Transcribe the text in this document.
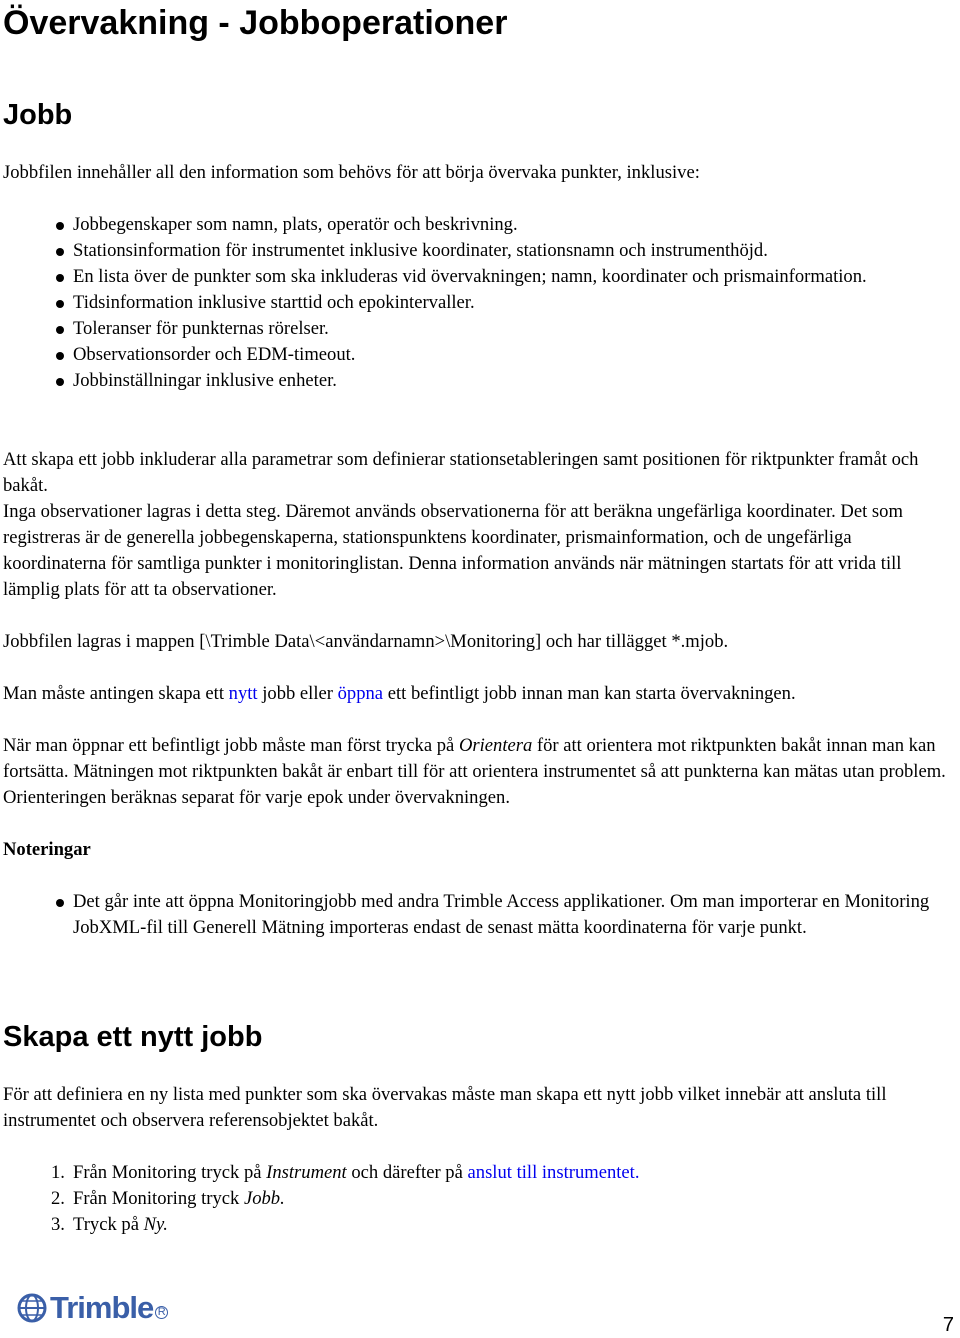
Övervakning - Jobboperationer
Jobb

Jobbfilen innehåller all den information som behövs för att börja övervaka punkter, inklusive:

Jobbegenskaper som namn, plats, operatör och beskrivning.
Stationsinformation för instrumentet inklusive koordinater, stationsnamn och instrumenthöjd.
En lista över de punkter som ska inkluderas vid övervakningen; namn, koordinater och prismainformation.
Tidsinformation inklusive starttid och epokintervaller.
Toleranser för punkternas rörelser.
Observationsorder och EDM-timeout.
Jobbinställningar inklusive enheter.

Att skapa ett jobb inkluderar alla parametrar som definierar stationsetableringen samt positionen för riktpunkter framåt och bakåt.

Inga observationer lagras i detta steg. Däremot används observationerna för att beräkna ungefärliga koordinater. Det som registreras är de generella jobbegenskaperna, stationspunktens koordinater, prismainformation, och de ungefärliga koordinaterna för samtliga punkter i monitoringlistan. Denna information används när mätningen startats för att vrida till lämplig plats för att ta observationer.

Jobbfilen lagras i mappen [\Trimble Data\<användarnamn>\Monitoring] och har tillägget *.mjob.

Man måste antingen skapa ett nytt jobb eller öppna ett befintligt jobb innan man kan starta övervakningen.

När man öppnar ett befintligt jobb måste man först trycka på Orientera för att orientera mot riktpunkten bakåt innan man kan fortsätta. Mätningen mot riktpunkten bakåt är enbart till för att orientera instrumentet så att punkterna kan mätas utan problem. Orienteringen beräknas separat för varje epok under övervakningen.

Noteringar

Det går inte att öppna Monitoringjobb med andra Trimble Access applikationer. Om man importerar en Monitoring JobXML-fil till Generell Mätning importeras endast de senast mätta koordinaterna för varje punkt.
Skapa ett nytt jobb

För att definiera en ny lista med punkter som ska övervakas måste man skapa ett nytt jobb vilket innebär att ansluta till instrumentet och observera referensobjektet bakåt.

1. Från Monitoring tryck på Instrument och därefter på anslut till instrumentet.
2. Från Monitoring tryck Jobb.
3. Tryck på Ny.
Trimble R
7
